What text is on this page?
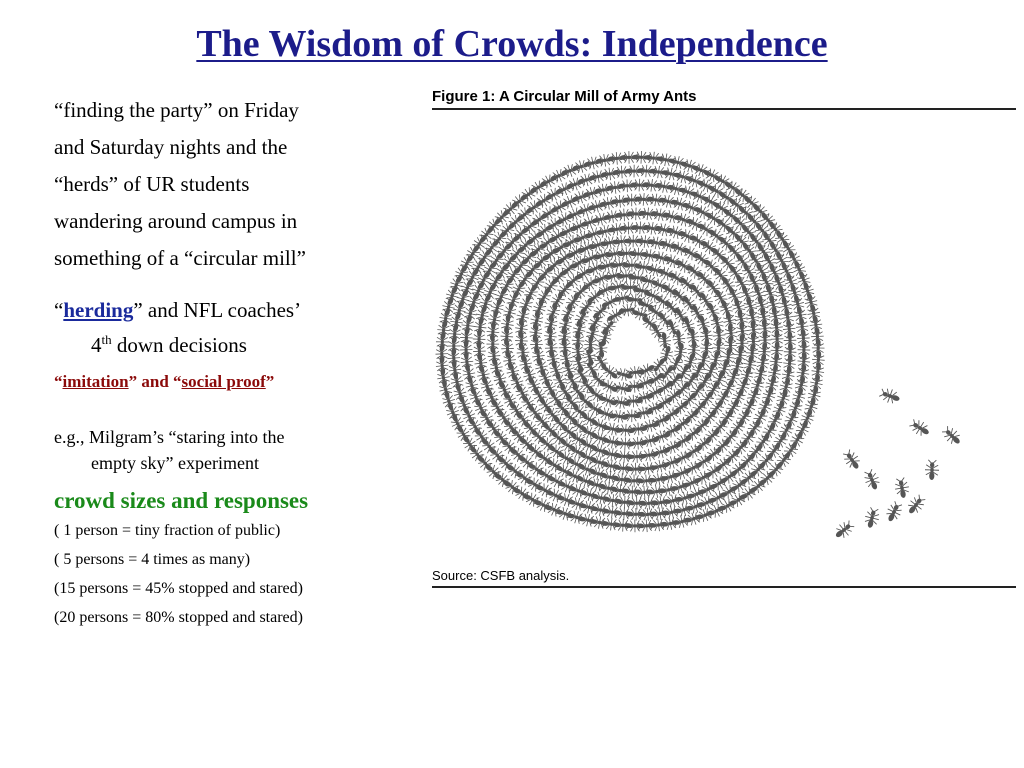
The Wisdom of Crowds: Independence
“finding the party” on Friday
and Saturday nights and the
“herds” of UR students
wandering around campus in
something of a “circular mill”
“herding” and NFL coaches’
4th down decisions
“imitation” and “social proof”
e.g., Milgram’s “staring into the
empty sky” experiment
crowd sizes and responses
( 1 person = tiny fraction of public)
( 5 persons = 4 times as many)
(15 persons = 45% stopped and stared)
(20 persons = 80% stopped and stared)
Figure 1: A Circular Mill of Army Ants
Source: CSFB analysis.
